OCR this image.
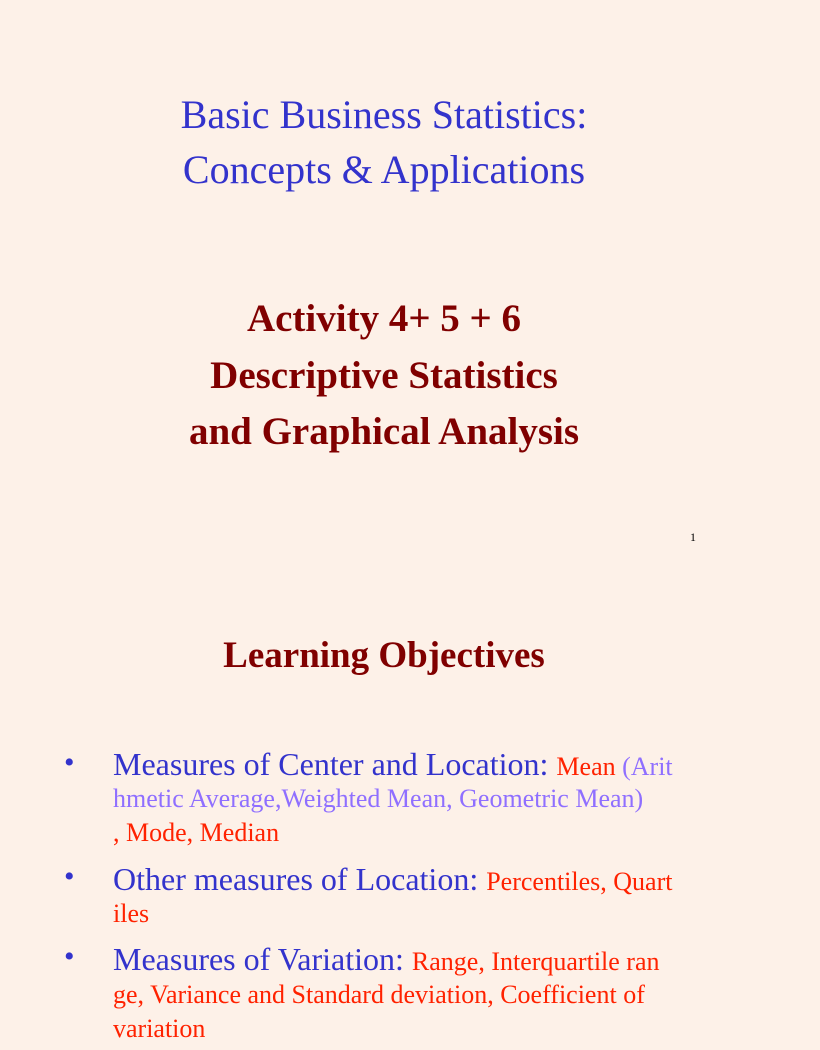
Basic Business Statistics:
Concepts & Applications
Activity 4+ 5 + 6
Descriptive Statistics
and Graphical Analysis
1
Learning Objectives
• Measures of Center and Location: Mean (Arit
hmetic Average,Weighted Mean, Geometric Mean)
, Mode, Median
• Other measures of Location: Percentiles, Quart
iles
• Measures of Variation: Range, Interquartile ran
ge, Variance and Standard deviation, Coefficient of
variation
